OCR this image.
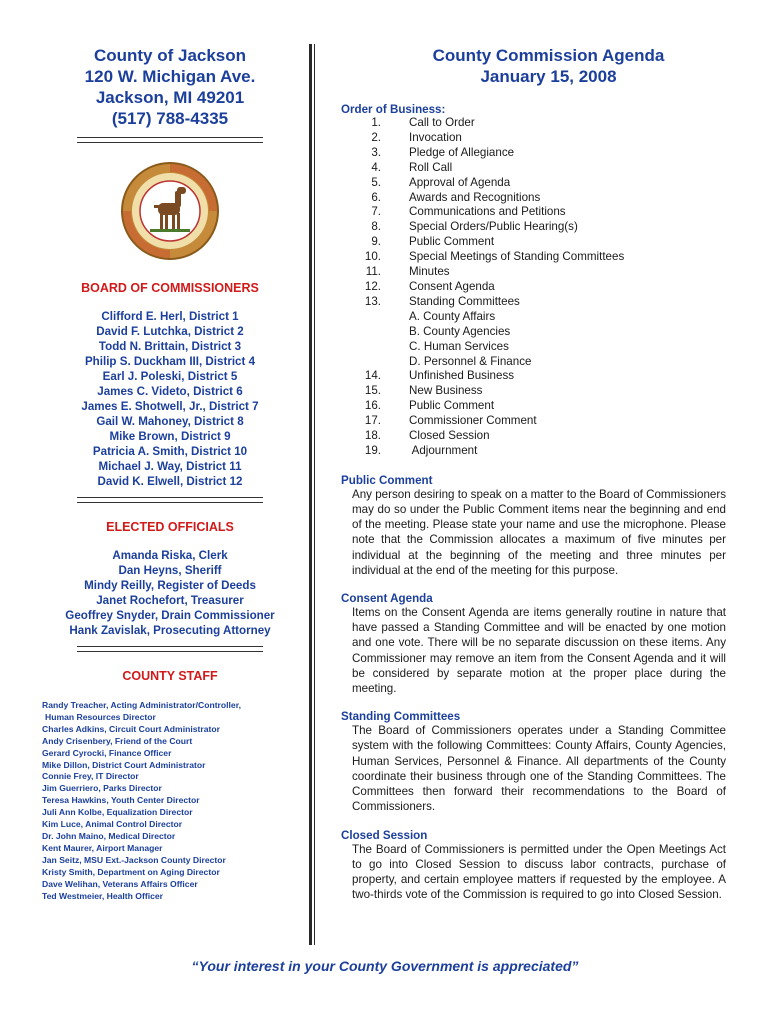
County of Jackson
120 W. Michigan Ave.
Jackson, MI 49201
(517) 788-4335
BOARD OF COMMISSIONERS
Clifford E. Herl, District 1
David F. Lutchka, District 2
Todd N. Brittain, District 3
Philip S. Duckham III, District 4
Earl J. Poleski, District 5
James C. Videto, District 6
James E. Shotwell, Jr., District 7
Gail W. Mahoney, District 8
Mike Brown, District 9
Patricia A. Smith, District 10
Michael J. Way, District 11
David K. Elwell, District 12
ELECTED OFFICIALS
Amanda Riska, Clerk
Dan Heyns, Sheriff
Mindy Reilly, Register of Deeds
Janet Rochefort, Treasurer
Geoffrey Snyder, Drain Commissioner
Hank Zavislak, Prosecuting Attorney
COUNTY STAFF
Randy Treacher, Acting Administrator/Controller,
Human Resources Director
Charles Adkins, Circuit Court Administrator
Andy Crisenbery, Friend of the Court
Gerard Cyrocki, Finance Officer
Mike Dillon, District Court Administrator
Connie Frey, IT Director
Jim Guerriero, Parks Director
Teresa Hawkins, Youth Center Director
Juli Ann Kolbe, Equalization Director
Kim Luce, Animal Control Director
Dr. John Maino, Medical Director
Kent Maurer, Airport Manager
Jan Seitz, MSU Ext.-Jackson County Director
Kristy Smith, Department on Aging Director
Dave Welihan, Veterans Affairs Officer
Ted Westmeier, Health Officer
County Commission Agenda
January 15, 2008
Order of Business:
1.	Call to Order
2.	Invocation
3.	Pledge of Allegiance
4.	Roll Call
5.	Approval of Agenda
6.	Awards and Recognitions
7.	Communications and Petitions
8.	Special Orders/Public Hearing(s)
9.	Public Comment
10.	Special Meetings of Standing Committees
11.	Minutes
12.	Consent Agenda
13.	Standing Committees
A. County Affairs
B. County Agencies
C. Human Services
D. Personnel & Finance
14.	Unfinished Business
15.	New Business
16.	Public Comment
17.	Commissioner Comment
18.	Closed Session
19.	Adjournment
Public Comment
Any person desiring to speak on a matter to the Board of Commissioners may do so under the Public Comment items near the beginning and end of the meeting. Please state your name and use the microphone. Please note that the Commission allocates a maximum of five minutes per individual at the beginning of the meeting and three minutes per individual at the end of the meeting for this purpose.
Consent Agenda
Items on the Consent Agenda are items generally routine in nature that have passed a Standing Committee and will be enacted by one motion and one vote. There will be no separate discussion on these items. Any Commissioner may remove an item from the Consent Agenda and it will be considered by separate motion at the proper place during the meeting.
Standing Committees
The Board of Commissioners operates under a Standing Committee system with the following Committees: County Affairs, County Agencies, Human Services, Personnel & Finance. All departments of the County coordinate their business through one of the Standing Committees. The Committees then forward their recommendations to the Board of Commissioners.
Closed Session
The Board of Commissioners is permitted under the Open Meetings Act to go into Closed Session to discuss labor contracts, purchase of property, and certain employee matters if requested by the employee. A two-thirds vote of the Commission is required to go into Closed Session.
“Your interest in your County Government is appreciated”
